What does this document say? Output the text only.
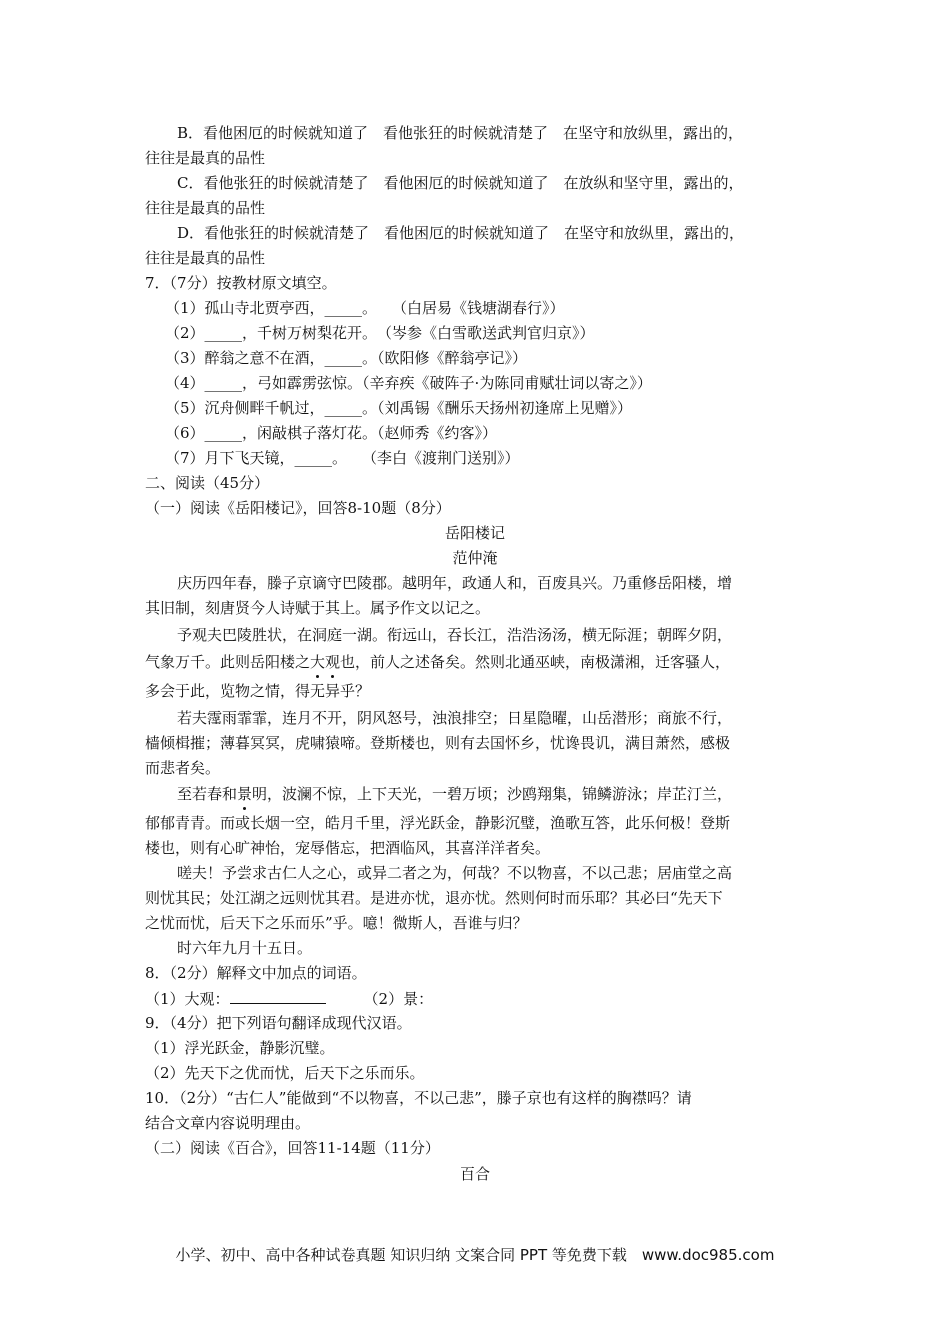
B．看他困厄的时候就知道了　看他张狂的时候就清楚了　在坚守和放纵里，露出的，
往往是最真的品性
C．看他张狂的时候就清楚了　看他困厄的时候就知道了　在放纵和坚守里，露出的，
往往是最真的品性
D．看他张狂的时候就清楚了　看他困厄的时候就知道了　在坚守和放纵里，露出的，
往往是最真的品性
7．（7分）按教材原文填空。
（1）孤山寺北贾亭西，_____。　　（白居易《钱塘湖春行》）
（2）_____，千树万树梨花开。　（岑参《白雪歌送武判官归京》）
（3）醉翁之意不在酒，_____。（欧阳修《醉翁亭记》）
（4）_____，弓如霹雳弦惊。（辛弃疾《破阵子·为陈同甫赋壮词以寄之》）
（5）沉舟侧畔千帆过，_____。（刘禹锡《酬乐天扬州初逢席上见赠》）
（6）_____，闲敲棋子落灯花。（赵师秀《约客》）
（7）月下飞天镜，_____。　　（李白《渡荆门送别》）
二、阅读（45分）
（一）阅读《岳阳楼记》，回答8-10题（8分）
岳阳楼记
范仲淹
庆历四年春，滕子京谪守巴陵郡。越明年，政通人和，百废具兴。乃重修岳阳楼，增
其旧制，刻唐贤今人诗赋于其上。属予作文以记之。
予观夫巴陵胜状，在洞庭一湖。衔远山，吞长江，浩浩汤汤，横无际涯；朝晖夕阴，
气象万千。此则岳阳楼之大观也，前人之述备矣。然则北通巫峡，南极潇湘，迁客骚人，
多会于此，览物之情，得无异乎？
若夫霪雨霏霏，连月不开，阴风怒号，浊浪排空；日星隐曜，山岳潜形；商旅不行，
樯倾楫摧；薄暮冥冥，虎啸猿啼。登斯楼也，则有去国怀乡，忧谗畏讥，满目萧然，感极
而悲者矣。
至若春和景明，波澜不惊，上下天光，一碧万顷；沙鸥翔集，锦鳞游泳；岸芷汀兰，
郁郁青青。而或长烟一空，皓月千里，浮光跃金，静影沉璧，渔歌互答，此乐何极！登斯
楼也，则有心旷神怡，宠辱偕忘，把酒临风，其喜洋洋者矣。
嗟夫！予尝求古仁人之心，或异二者之为，何哉？不以物喜，不以己悲；居庙堂之高
则忧其民；处江湖之远则忧其君。是进亦忧，退亦忧。然则何时而乐耶？其必曰“先天下
之忧而忧，后天下之乐而乐”乎。噫！微斯人，吾谁与归？
时六年九月十五日。
8．（2分）解释文中加点的词语。
（1）大观：	（2）景：
9．（4分）把下列语句翻译成现代汉语。
（1）浮光跃金，静影沉璧。
（2）先天下之优而忧，后天下之乐而乐。
10．（2分）“古仁人”能做到“不以物喜，不以己悲”，滕子京也有这样的胸襟吗？请
结合文章内容说明理由。
（二）阅读《百合》，回答11-14题（11分）
百合
小学、初中、高中各种试卷真题 知识归纳 文案合同 PPT 等免费下载　www.doc985.com
